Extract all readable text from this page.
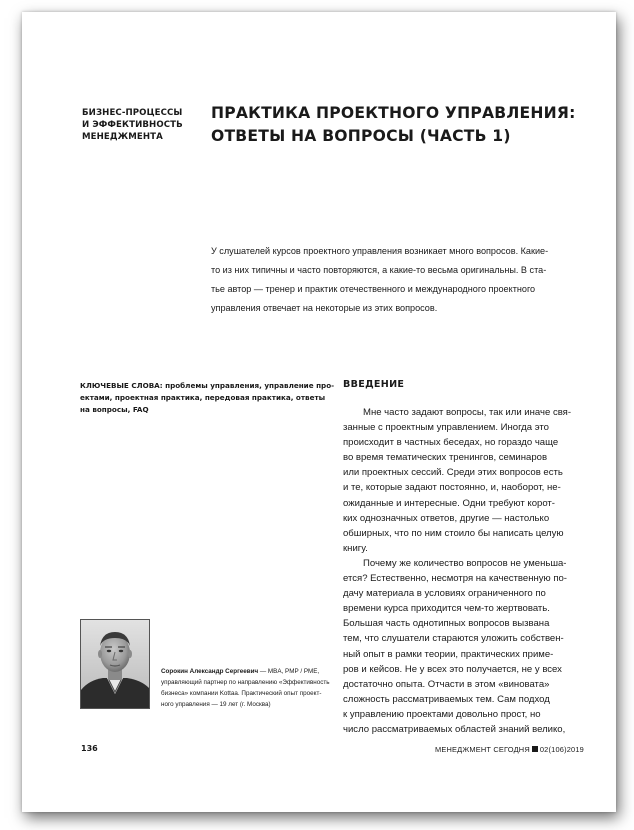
БИЗНЕС-ПРОЦЕССЫ
И ЭФФЕКТИВНОСТЬ
МЕНЕДЖМЕНТА
ПРАКТИКА ПРОЕКТНОГО УПРАВЛЕНИЯ:
ОТВЕТЫ НА ВОПРОСЫ (ЧАСТЬ 1)
У слушателей курсов проектного управления возникает много вопросов. Какие-
то из них типичны и часто повторяются, а какие-то весьма оригинальны. В ста-
тье автор — тренер и практик отечественного и международного проектного
управления отвечает на некоторые из этих вопросов.
КЛЮЧЕВЫЕ СЛОВА: проблемы управления, управление про-
ектами, проектная практика, передовая практика, ответы
на вопросы, FAQ
ВВЕДЕНИЕ
Мне часто задают вопросы, так или иначе свя-
занные с проектным управлением. Иногда это
происходит в частных беседах, но гораздо чаще
во время тематических тренингов, семинаров
или проектных сессий. Среди этих вопросов есть
и те, которые задают постоянно, и, наоборот, не-
ожиданные и интересные. Одни требуют корот-
ких однозначных ответов, другие — настолько
обширных, что по ним стоило бы написать целую
книгу.
Почему же количество вопросов не уменьша-
ется? Естественно, несмотря на качественную по-
дачу материала в условиях ограниченного по
времени курса приходится чем-то жертвовать.
Большая часть однотипных вопросов вызвана
тем, что слушатели стараются уложить собствен-
ный опыт в рамки теории, практических приме-
ров и кейсов. Не у всех это получается, не у всех
достаточно опыта. Отчасти в этом «виновата»
сложность рассматриваемых тем. Сам подход
к управлению проектами довольно прост, но
число рассматриваемых областей знаний велико,
Сорокин Александр Сергеевич — MBA, PMP / PME,
управляющий партнер по направлению «Эффективность
бизнеса» компании Kottaa. Практический опыт проект-
ного управления — 19 лет (г. Москва)
136	МЕНЕДЖМЕНТ СЕГОДНЯ 02(106)2019
